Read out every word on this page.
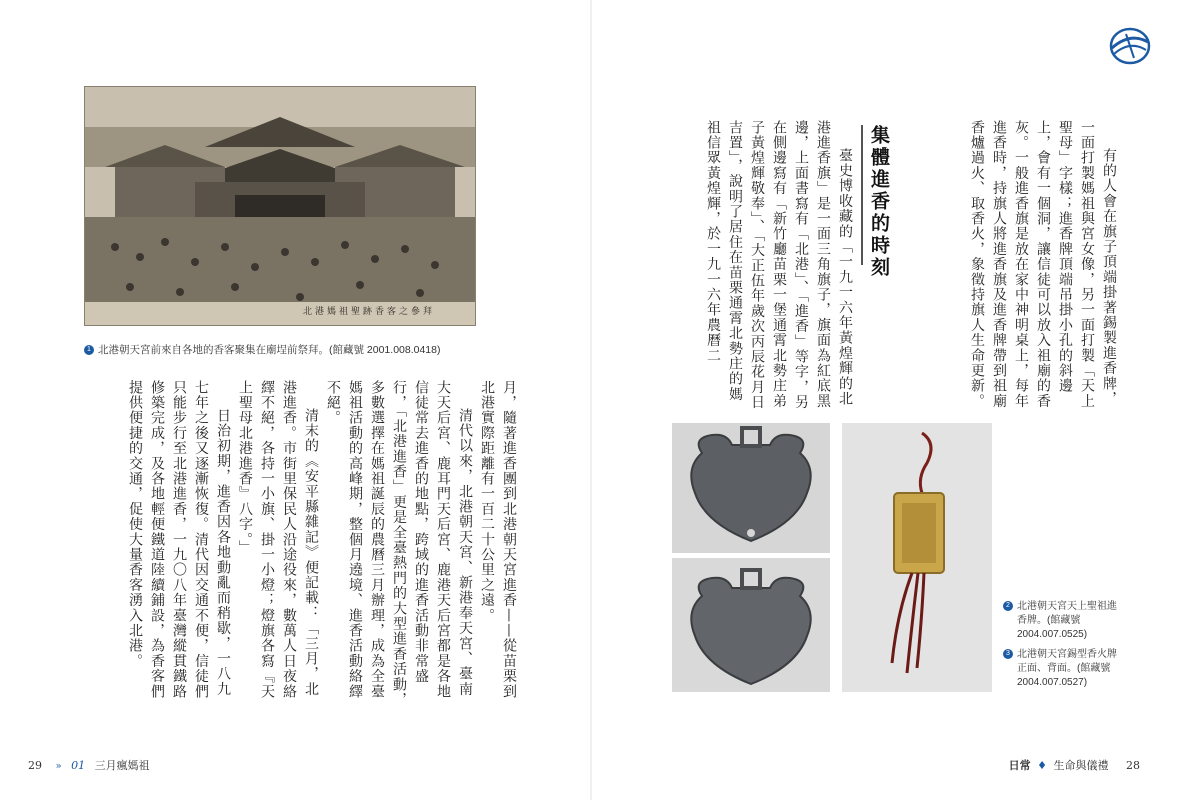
北港媽祖聖跡香客之參拜
1 北港朝天宮前來自各地的香客聚集在廟埕前祭拜。(館藏號 2001.008.0418)

月，隨著進香團到北港朝天宮進香——從苗栗到北港實際距離有一百二十公里之遠。

清代以來，北港朝天宮、新港奉天宮、臺南大天后宮、鹿耳門天后宮、鹿港天后宮都是各地信徒常去進香的地點，跨域的進香活動非常盛行，「北港進香」更是全臺熱門的大型進香活動，多數選擇在媽祖誕辰的農曆三月辦理，成為全臺媽祖活動的高峰期，整個月遶境、進香活動絡繹不絕。

清末的《安平縣雜記》便記載：「三月，北港進香。市街里保民人沿途役來，數萬人日夜絡繹不絕，各持一小旗、掛一小燈；燈旗各寫『天上聖母北港進香』八字。」

日治初期，進香因各地動亂而稍歇，一八九七年之後又逐漸恢復。清代因交通不便，信徒們只能步行至北港進香，一九〇八年臺灣縱貫鐵路修築完成，及各地輕便鐵道陸續鋪設，為香客們提供便捷的交通，促使大量香客湧入北港。

有的人會在旗子頂端掛著錫製進香牌，一面打製媽祖與宮女像，另一面打製「天上聖母」字樣；進香牌頂端吊掛小孔的斜邊上，會有一個洞，讓信徒可以放入祖廟的香灰。一般進香旗是放在家中神明桌上，每年進香時，持旗人將進香旗及進香牌帶到祖廟香爐過火、取香火，象徵持旗人生命更新。

集體進香的時刻

臺史博收藏的「一九一六年黃煌輝的北港進香旗」是一面三角旗子，旗面為紅底黑邊，上面書寫有「北港」、「進香」等字，另在側邊寫有「新竹廳苗栗一堡通霄北勢庄弟子黃煌輝敬奉」、「大正伍年歲次丙辰花月日吉置」，說明了居住在苗栗通霄北勢庄的媽祖信眾黃煌輝，於一九一六年農曆二

2 北港朝天宮天上聖祖進香牌。(館藏號 2004.007.0525)
3 北港朝天宮錫型香火牌正面、背面。(館藏號 2004.007.0527)
29 » 01 三月瘋媽祖	日常 ♦ 生命與儀禮 28
